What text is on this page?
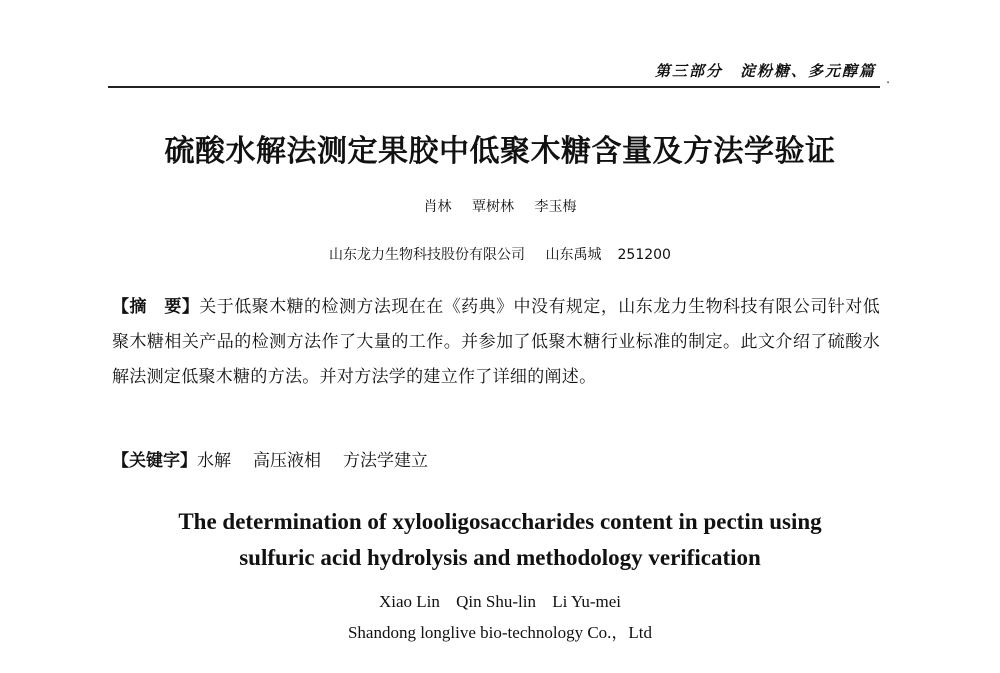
第三部分　淀粉糖、多元醇篇 .
硫酸水解法测定果胶中低聚木糖含量及方法学验证
肖林 覃树林 李玉梅
山东龙力生物科技股份有限公司 山东禹城 251200
【摘　要】关于低聚木糖的检测方法现在在《药典》中没有规定，山东龙力生物科技有限公司针对低聚木糖相关产品的检测方法作了大量的工作。并参加了低聚木糖行业标准的制定。此文介绍了硫酸水解法测定低聚木糖的方法。并对方法学的建立作了详细的阐述。
【关键字】水解 高压液相 方法学建立
The determination of xylooligosaccharides content in pectin using
sulfuric acid hydrolysis and methodology verification
Xiao Lin Qin Shu-lin Li Yu-mei
Shandong longlive bio-technology Co.，Ltd
